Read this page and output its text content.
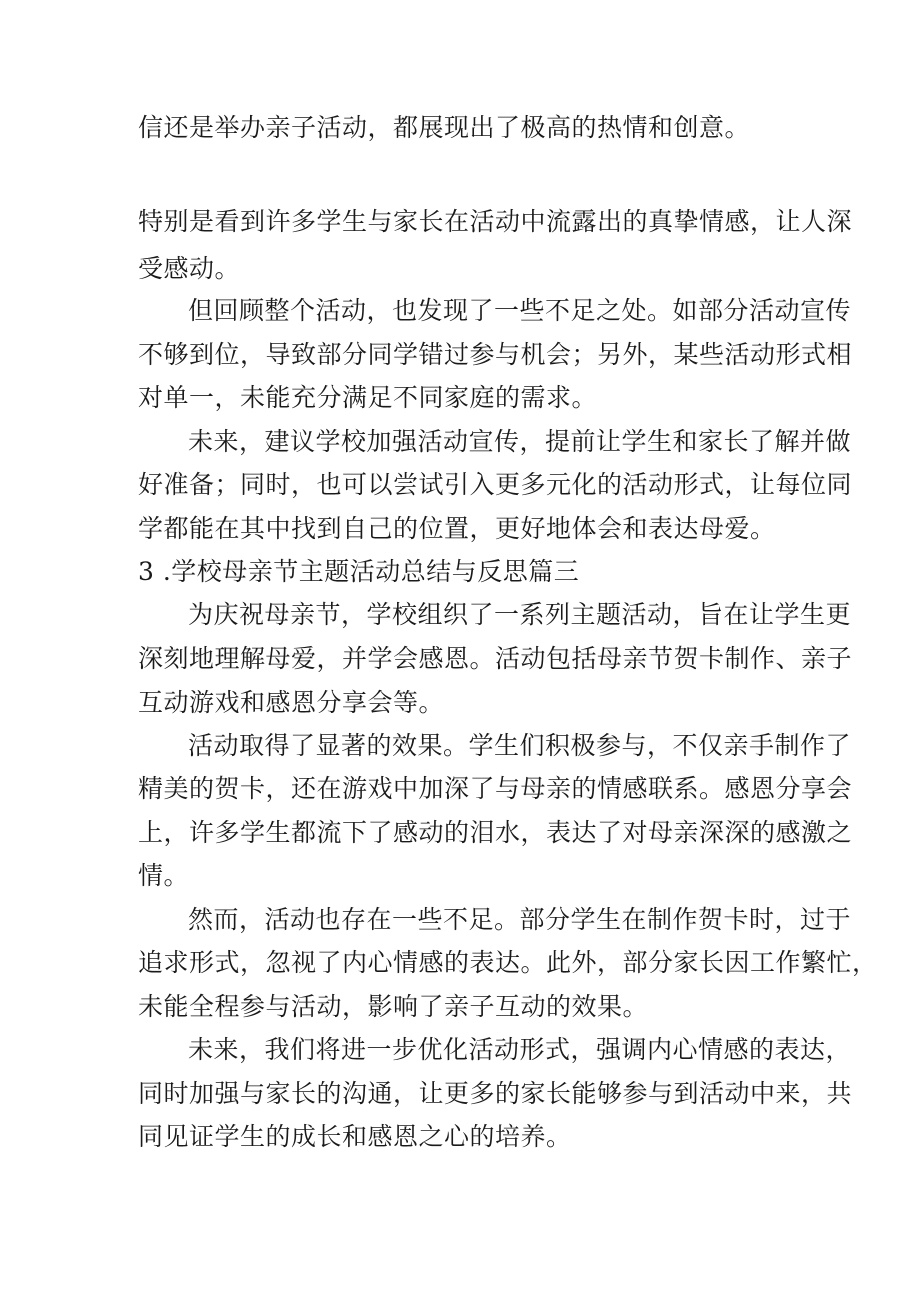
信还是举办亲子活动，都展现出了极高的热情和创意。
特别是看到许多学生与家长在活动中流露出的真挚情感，让人深
受感动。
但回顾整个活动，也发现了一些不足之处。如部分活动宣传
不够到位，导致部分同学错过参与机会；另外，某些活动形式相
对单一，未能充分满足不同家庭的需求。
未来，建议学校加强活动宣传，提前让学生和家长了解并做
好准备；同时，也可以尝试引入更多元化的活动形式，让每位同
学都能在其中找到自己的位置，更好地体会和表达母爱。
3 .学校母亲节主题活动总结与反思篇三
为庆祝母亲节，学校组织了一系列主题活动，旨在让学生更
深刻地理解母爱，并学会感恩。活动包括母亲节贺卡制作、亲子
互动游戏和感恩分享会等。
活动取得了显著的效果。学生们积极参与，不仅亲手制作了
精美的贺卡，还在游戏中加深了与母亲的情感联系。感恩分享会
上，许多学生都流下了感动的泪水，表达了对母亲深深的感激之
情。
然而，活动也存在一些不足。部分学生在制作贺卡时，过于
追求形式，忽视了内心情感的表达。此外，部分家长因工作繁忙，
未能全程参与活动，影响了亲子互动的效果。
未来，我们将进一步优化活动形式，强调内心情感的表达，
同时加强与家长的沟通，让更多的家长能够参与到活动中来，共
同见证学生的成长和感恩之心的培养。
